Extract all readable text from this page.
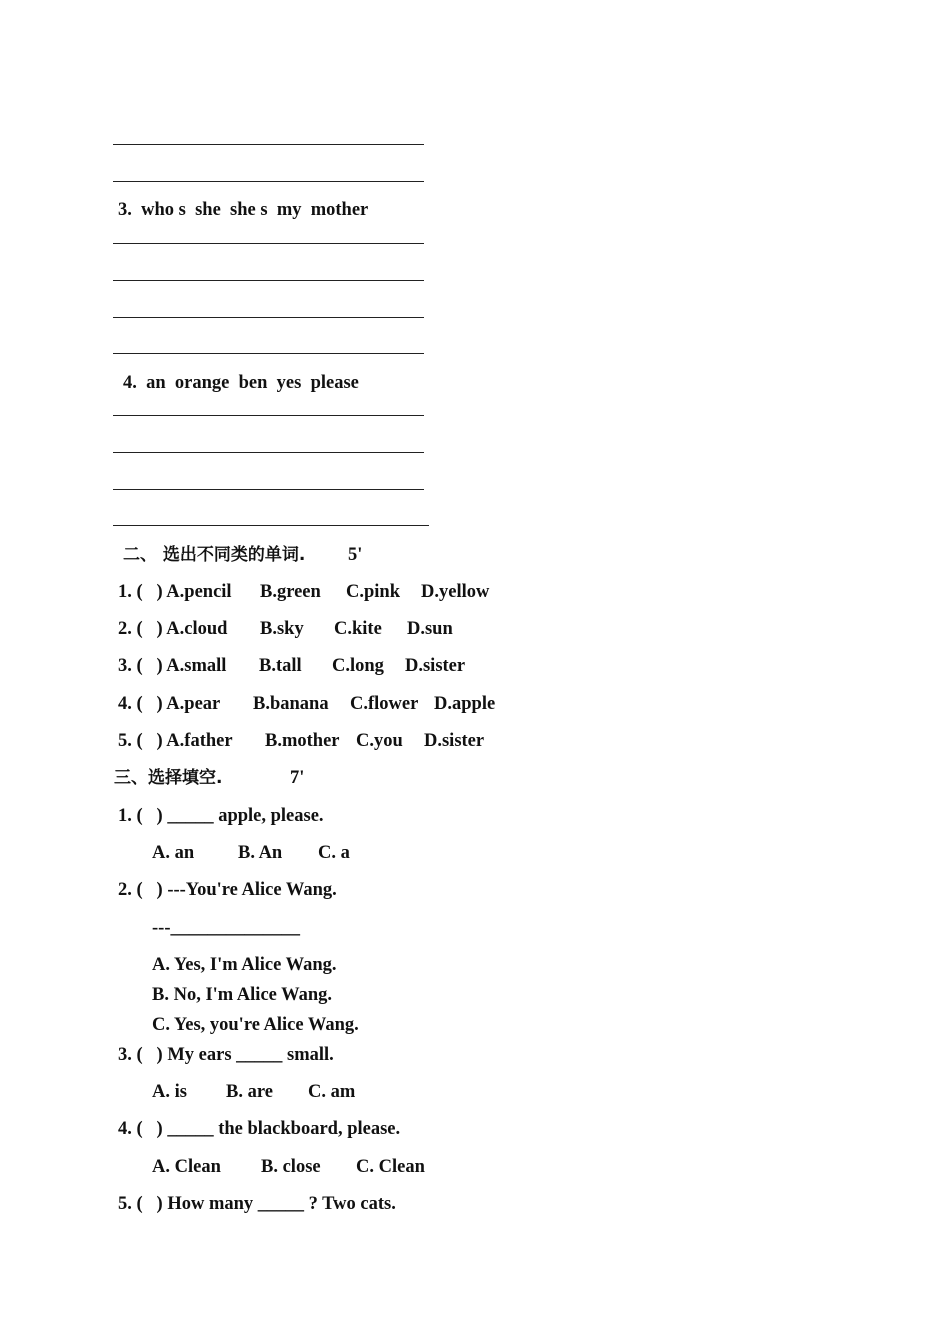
3.  who s  she  she s  my  mother
4.  an  orange  ben  yes  please
二、 选出不同类的单词. 5'
1. (   ) A.pencil B.green C.pink D.yellow
2. (   ) A.cloud B.sky C.kite D.sun
3. (   ) A.small B.tall C.long D.sister
4. (   ) A.pear B.banana C.flower D.apple
5. (   ) A.father B.mother C.you D.sister
三、选择填空.	7'
1. (   ) _____ apple, please.
A. an B. An C. a
2. (   ) ---You're Alice Wang.
---______________
A. Yes, I'm Alice Wang.
B. No, I'm Alice Wang.
C. Yes, you're Alice Wang.
3. (   ) My ears _____ small.
A. is B. are C. am
4. (   ) _____ the blackboard, please.
A. Clean B. close C. Clean
5. (   ) How many _____ ? Two cats.
